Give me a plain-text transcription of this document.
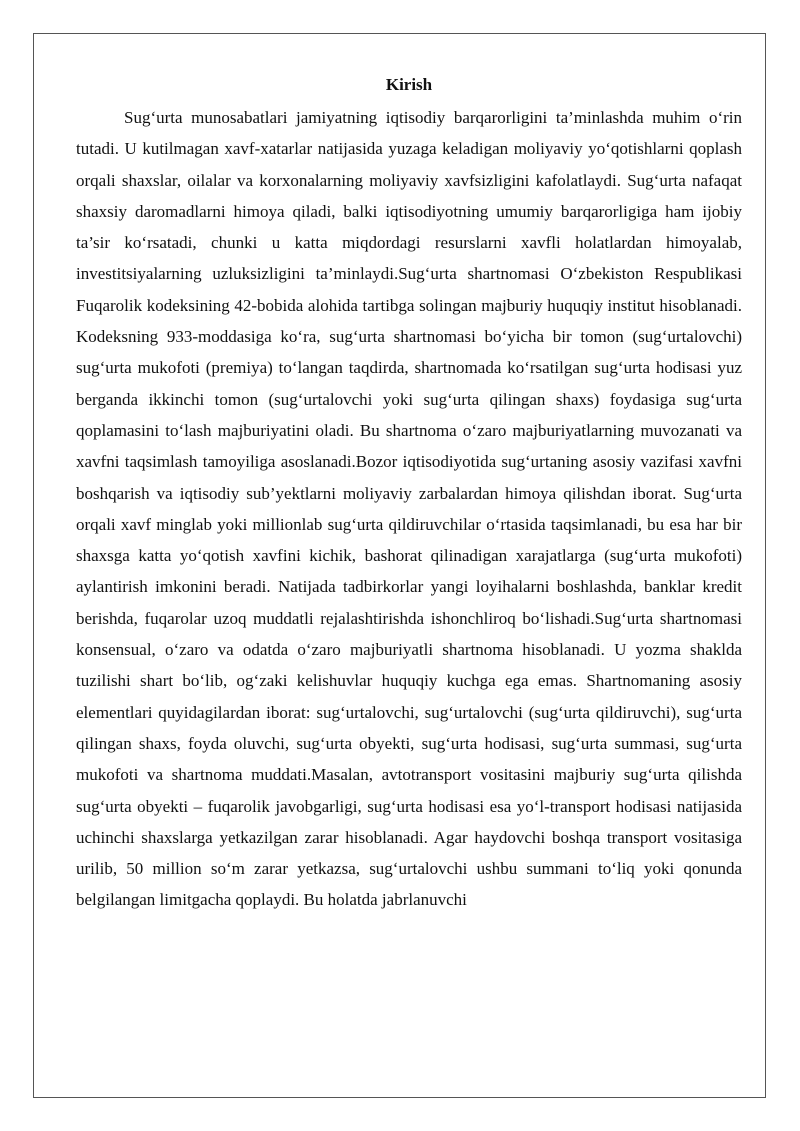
Kirish

Sug‘urta munosabatlari jamiyatning iqtisodiy barqarorligini ta’minlashda muhim o‘rin tutadi. U kutilmagan xavf-xatarlar natijasida yuzaga keladigan moliyaviy yo‘qotishlarni qoplash orqali shaxslar, oilalar va korxonalarning moliyaviy xavfsizligini kafolatlaydi. Sug‘urta nafaqat shaxsiy daromadlarni himoya qiladi, balki iqtisodiyotning umumiy barqarorligiga ham ijobiy ta’sir ko‘rsatadi, chunki u katta miqdordagi resurslarni xavfli holatlardan himoyalab, investitsiyalarning uzluksizligini ta’minlaydi.Sug‘urta shartnomasi O‘zbekiston Respublikasi Fuqarolik kodeksining 42-bobida alohida tartibga solingan majburiy huquqiy institut hisoblanadi. Kodeksning 933-moddasiga ko‘ra, sug‘urta shartnomasi bo‘yicha bir tomon (sug‘urtalovchi) sug‘urta mukofoti (premiya) to‘langan taqdirda, shartnomada ko‘rsatilgan sug‘urta hodisasi yuz berganda ikkinchi tomon (sug‘urtalovchi yoki sug‘urta qilingan shaxs) foydasiga sug‘urta qoplamasini to‘lash majburiyatini oladi. Bu shartnoma o‘zaro majburiyatlarning muvozanati va xavfni taqsimlash tamoyiliga asoslanadi.Bozor iqtisodiyotida sug‘urtaning asosiy vazifasi xavfni boshqarish va iqtisodiy sub’yektlarni moliyaviy zarbalardan himoya qilishdan iborat. Sug‘urta orqali xavf minglab yoki millionlab sug‘urta qildiruvchilar o‘rtasida taqsimlanadi, bu esa har bir shaxsga katta yo‘qotish xavfini kichik, bashorat qilinadigan xarajatlarga (sug‘urta mukofoti) aylantirish imkonini beradi. Natijada tadbirkorlar yangi loyihalarni boshlashda, banklar kredit berishda, fuqarolar uzoq muddatli rejalashtirishda ishonchliroq bo‘lishadi.Sug‘urta shartnomasi konsensual, o‘zaro va odatda o‘zaro majburiyatli shartnoma hisoblanadi. U yozma shaklda tuzilishi shart bo‘lib, og‘zaki kelishuvlar huquqiy kuchga ega emas. Shartnomaning asosiy elementlari quyidagilardan iborat: sug‘urtalovchi, sug‘urtalovchi (sug‘urta qildiruvchi), sug‘urta qilingan shaxs, foyda oluvchi, sug‘urta obyekti, sug‘urta hodisasi, sug‘urta summasi, sug‘urta mukofoti va shartnoma muddati.Masalan, avtotransport vositasini majburiy sug‘urta qilishda sug‘urta obyekti – fuqarolik javobgarligi, sug‘urta hodisasi esa yo‘l-transport hodisasi natijasida uchinchi shaxslarga yetkazilgan zarar hisoblanadi. Agar haydovchi boshqa transport vositasiga urilib, 50 million so‘m zarar yetkazsa, sug‘urtalovchi ushbu summani to‘liq yoki qonunda belgilangan limitgacha qoplaydi. Bu holatda jabrlanuvchi
